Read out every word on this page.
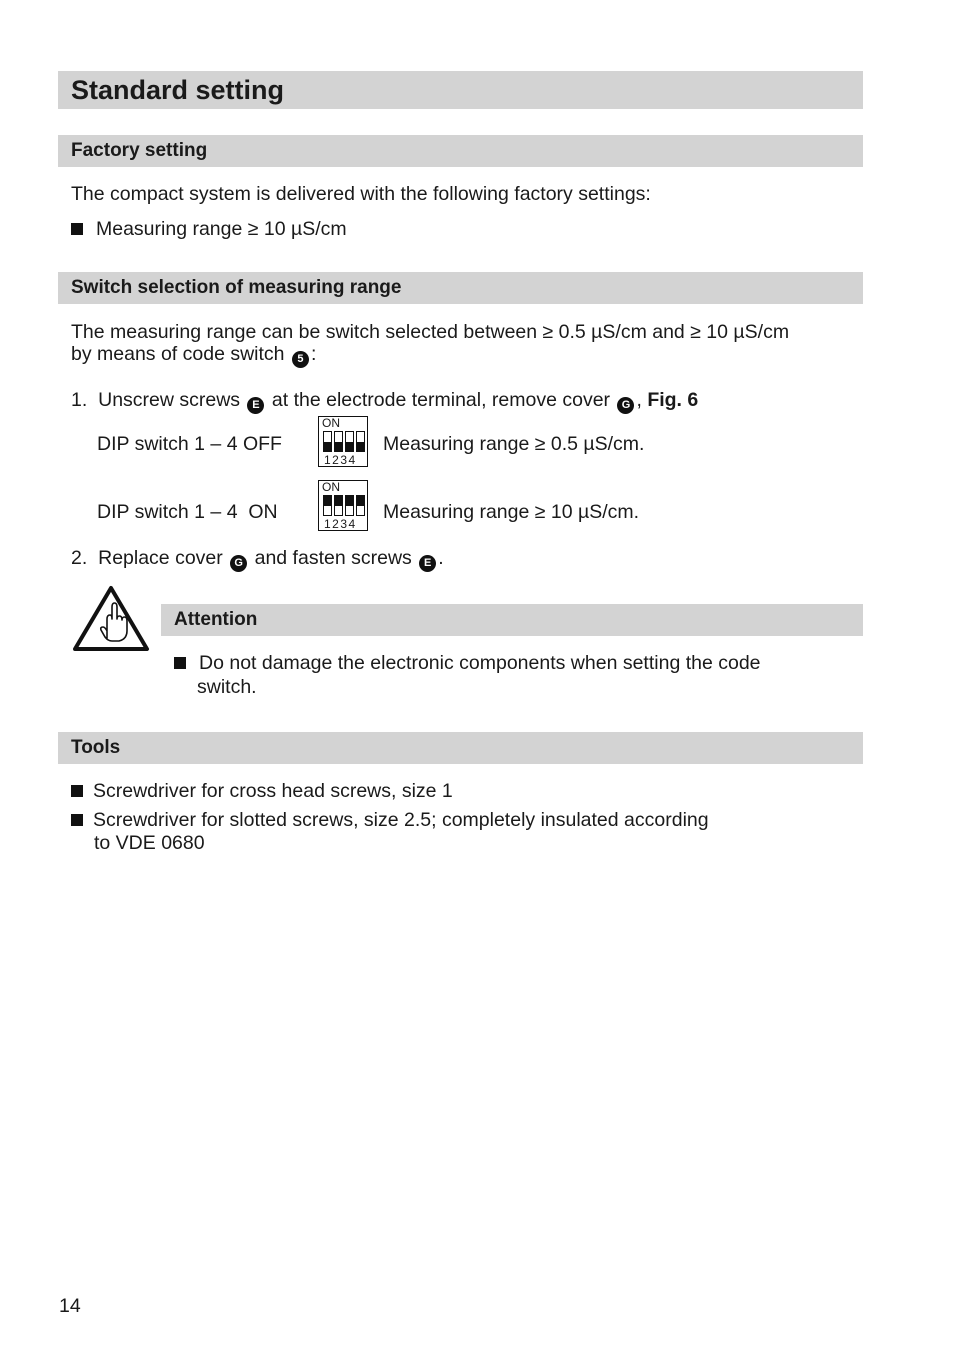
Standard setting
Factory setting
The compact system is delivered with the following factory settings:
Measuring range ≥ 10 µS/cm
Switch selection of measuring range
The measuring range can be switch selected between ≥ 0.5 µS/cm and ≥ 10 µS/cm
by means of code switch 5 :
1. Unscrew screws E at the electrode terminal, remove cover G , Fig. 6
DIP switch 1 – 4 OFF
ON
1234
Measuring range ≥ 0.5 µS/cm.
DIP switch 1 – 4  ON
ON
1234
Measuring range ≥ 10 µS/cm.
2. Replace cover G and fasten screws E .
Attention
Do not damage the electronic components when setting the code
switch.
Tools
Screwdriver for cross head screws, size 1
Screwdriver for slotted screws, size 2.5; completely insulated according
to VDE 0680
14
